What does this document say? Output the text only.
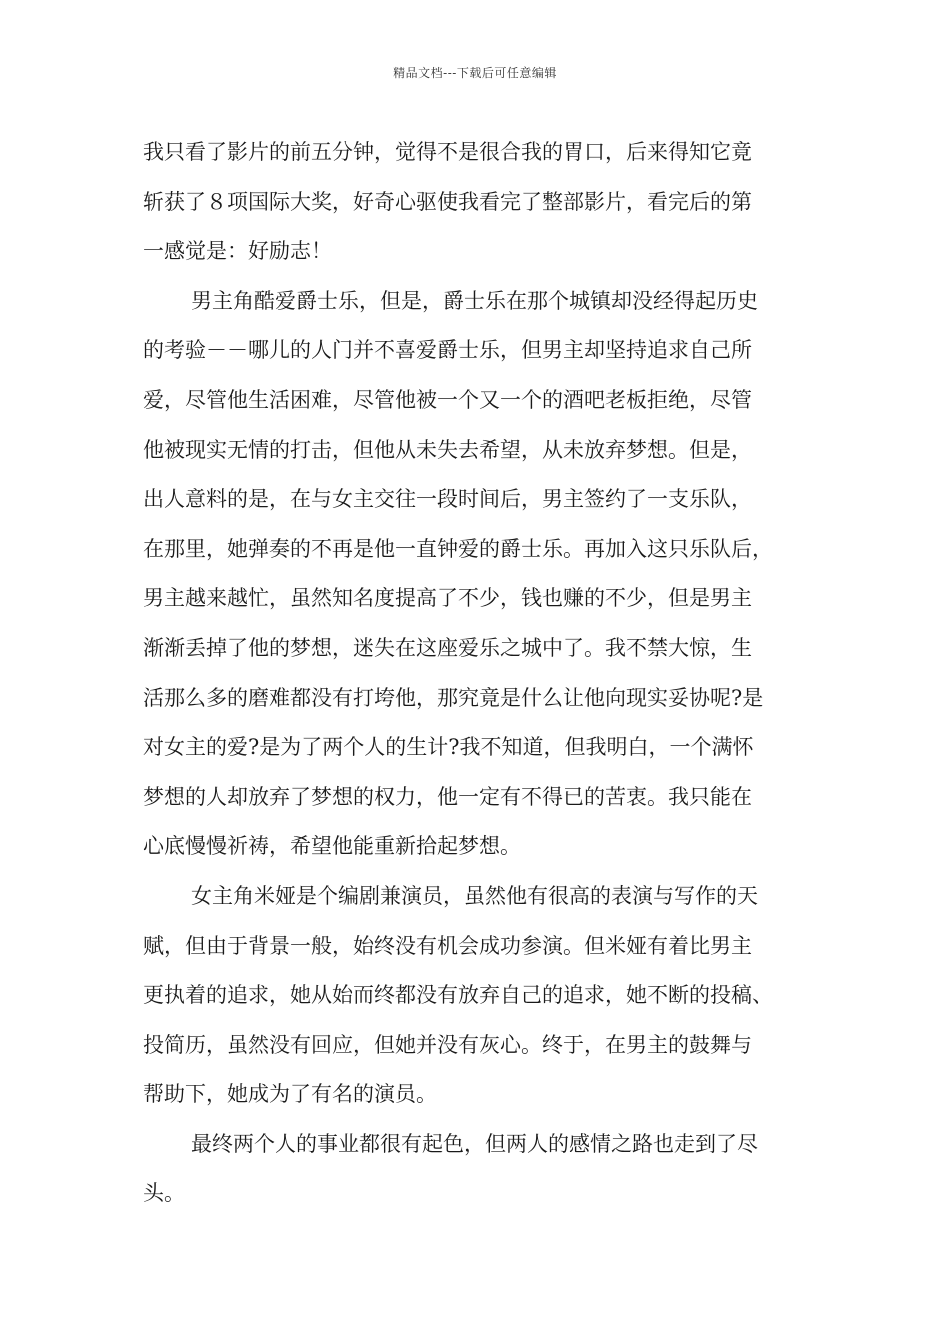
精品文档---下载后可任意编辑
我只看了影片的前五分钟，觉得不是很合我的胃口，后来得知它竟
斩获了８项国际大奖，好奇心驱使我看完了整部影片，看完后的第
一感觉是：好励志！
男主角酷爱爵士乐，但是，爵士乐在那个城镇却没经得起历史
的考验－－哪儿的人门并不喜爱爵士乐，但男主却坚持追求自己所
爱，尽管他生活困难，尽管他被一个又一个的酒吧老板拒绝，尽管
他被现实无情的打击，但他从未失去希望，从未放弃梦想。但是，
出人意料的是，在与女主交往一段时间后，男主签约了一支乐队，
在那里，她弹奏的不再是他一直钟爱的爵士乐。再加入这只乐队后，
男主越来越忙，虽然知名度提高了不少，钱也赚的不少，但是男主
渐渐丢掉了他的梦想，迷失在这座爱乐之城中了。我不禁大惊，生
活那么多的磨难都没有打垮他，那究竟是什么让他向现实妥协呢?是
对女主的爱?是为了两个人的生计?我不知道，但我明白，一个满怀
梦想的人却放弃了梦想的权力，他一定有不得已的苦衷。我只能在
心底慢慢祈祷，希望他能重新拾起梦想。
女主角米娅是个编剧兼演员，虽然他有很高的表演与写作的天
赋，但由于背景一般，始终没有机会成功参演。但米娅有着比男主
更执着的追求，她从始而终都没有放弃自己的追求，她不断的投稿、
投简历，虽然没有回应，但她并没有灰心。终于，在男主的鼓舞与
帮助下，她成为了有名的演员。
最终两个人的事业都很有起色，但两人的感情之路也走到了尽
头。
